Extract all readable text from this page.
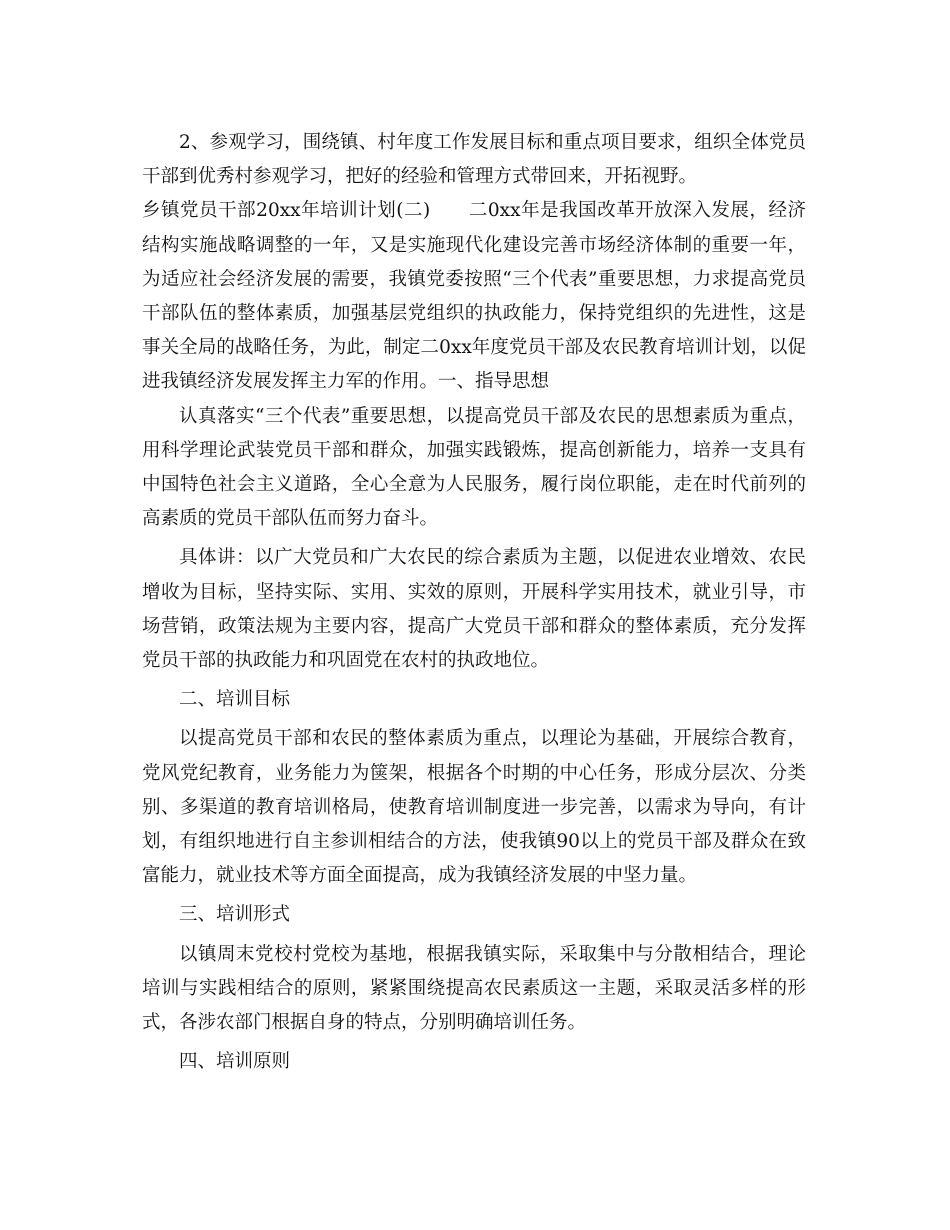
2、参观学习，围绕镇、村年度工作发展目标和重点项目要求，组织全体党员干部到优秀村参观学习，把好的经验和管理方式带回来，开拓视野。

乡镇党员干部20xx年培训计划(二)　　二0xx年是我国改革开放深入发展，经济结构实施战略调整的一年，又是实施现代化建设完善市场经济体制的重要一年，为适应社会经济发展的需要，我镇党委按照“三个代表”重要思想，力求提高党员干部队伍的整体素质，加强基层党组织的执政能力，保持党组织的先进性，这是事关全局的战略任务，为此，制定二0xx年度党员干部及农民教育培训计划，以促进我镇经济发展发挥主力军的作用。一、指导思想

认真落实“三个代表”重要思想，以提高党员干部及农民的思想素质为重点，用科学理论武装党员干部和群众，加强实践锻炼，提高创新能力，培养一支具有中国特色社会主义道路，全心全意为人民服务，履行岗位职能，走在时代前列的高素质的党员干部队伍而努力奋斗。

具体讲：以广大党员和广大农民的综合素质为主题，以促进农业增效、农民增收为目标，坚持实际、实用、实效的原则，开展科学实用技术，就业引导，市场营销，政策法规为主要内容，提高广大党员干部和群众的整体素质，充分发挥党员干部的执政能力和巩固党在农村的执政地位。

二、培训目标

以提高党员干部和农民的整体素质为重点，以理论为基础，开展综合教育，党风党纪教育，业务能力为箧架，根据各个时期的中心任务，形成分层次、分类别、多渠道的教育培训格局，使教育培训制度进一步完善，以需求为导向，有计划，有组织地进行自主参训相结合的方法，使我镇90以上的党员干部及群众在致富能力，就业技术等方面全面提高，成为我镇经济发展的中坚力量。

三、培训形式

以镇周末党校村党校为基地，根据我镇实际，采取集中与分散相结合，理论培训与实践相结合的原则，紧紧围绕提高农民素质这一主题，采取灵活多样的形式，各涉农部门根据自身的特点，分别明确培训任务。

四、培训原则
